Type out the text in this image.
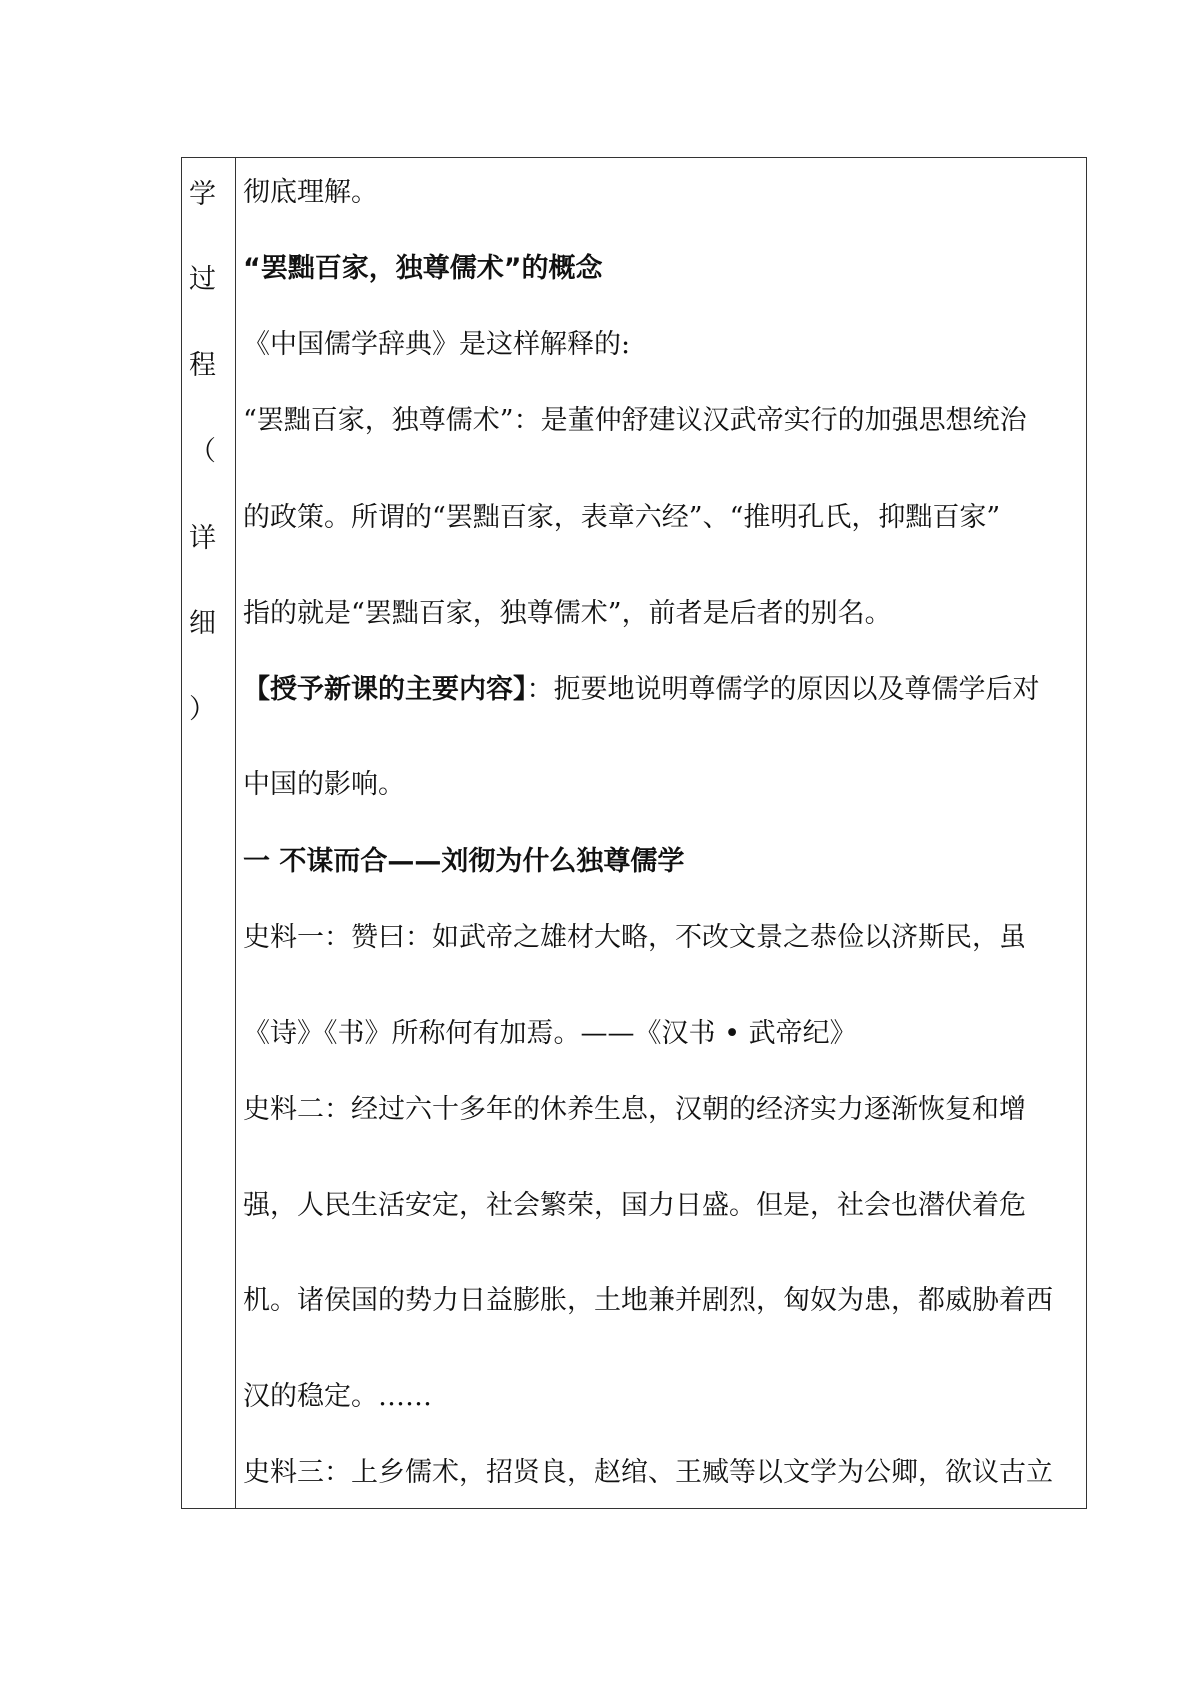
学
过
程
（
详
细
）
彻底理解。
“罢黜百家，独尊儒术”的概念
《中国儒学辞典》是这样解释的:
“罢黜百家，独尊儒术”：是董仲舒建议汉武帝实行的加强思想统治
的政策。所谓的“罢黜百家，表章六经”、“推明孔氏，抑黜百家”
指的就是“罢黜百家，独尊儒术”，前者是后者的别名。
【授予新课的主要内容】：扼要地说明尊儒学的原因以及尊儒学后对
中国的影响。
一 不谋而合——刘彻为什么独尊儒学
史料一：赞曰：如武帝之雄材大略，不改文景之恭俭以济斯民，虽
《诗》《书》所称何有加焉。——《汉书 • 武帝纪》
史料二：经过六十多年的休养生息，汉朝的经济实力逐渐恢复和增
强，人民生活安定，社会繁荣，国力日盛。但是，社会也潜伏着危
机。诸侯国的势力日益膨胀，土地兼并剧烈，匈奴为患，都威胁着西
汉的稳定。……
史料三：上乡儒术，招贤良，赵绾、王臧等以文学为公卿，欲议古立
